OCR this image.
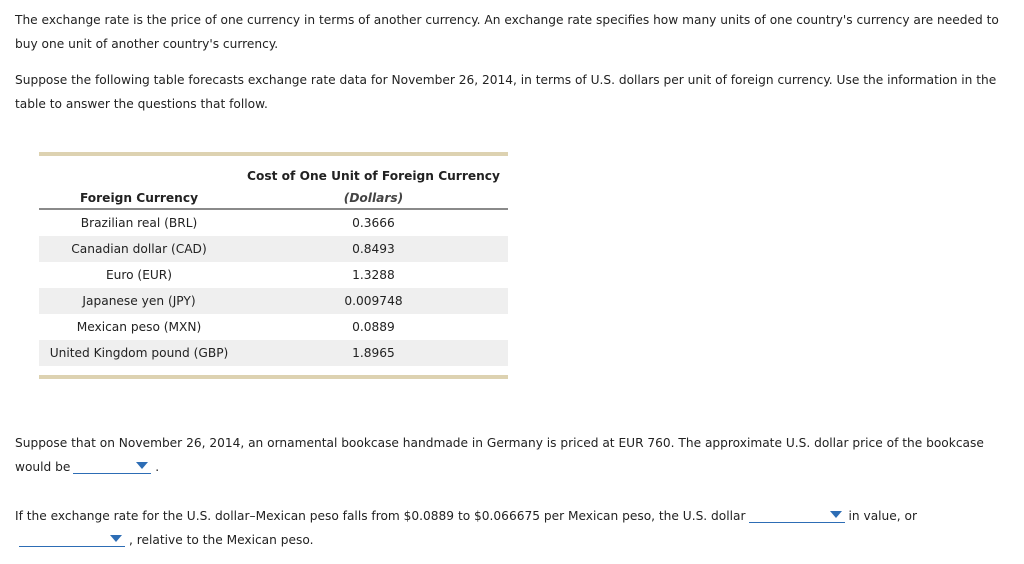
The exchange rate is the price of one currency in terms of another currency. An exchange rate specifies how many units of one country's currency are needed to buy one unit of another country's currency.

Suppose the following table forecasts exchange rate data for November 26, 2014, in terms of U.S. dollars per unit of foreign currency. Use the information in the table to answer the questions that follow.

Foreign Currency
Cost of One Unit of Foreign Currency
(Dollars)
Brazilian real (BRL)	0.3666
Canadian dollar (CAD)	0.8493
Euro (EUR)	1.3288
Japanese yen (JPY)	0.009748
Mexican peso (MXN)	0.0889
United Kingdom pound (GBP)	1.8965

Suppose that on November 26, 2014, an ornamental bookcase handmade in Germany is priced at EUR 760. The approximate U.S. dollar price of the bookcase would be	.

If the exchange rate for the U.S. dollar–Mexican peso falls from $0.0889 to $0.066675 per Mexican peso, the U.S. dollar	in value, or

, relative to the Mexican peso.
